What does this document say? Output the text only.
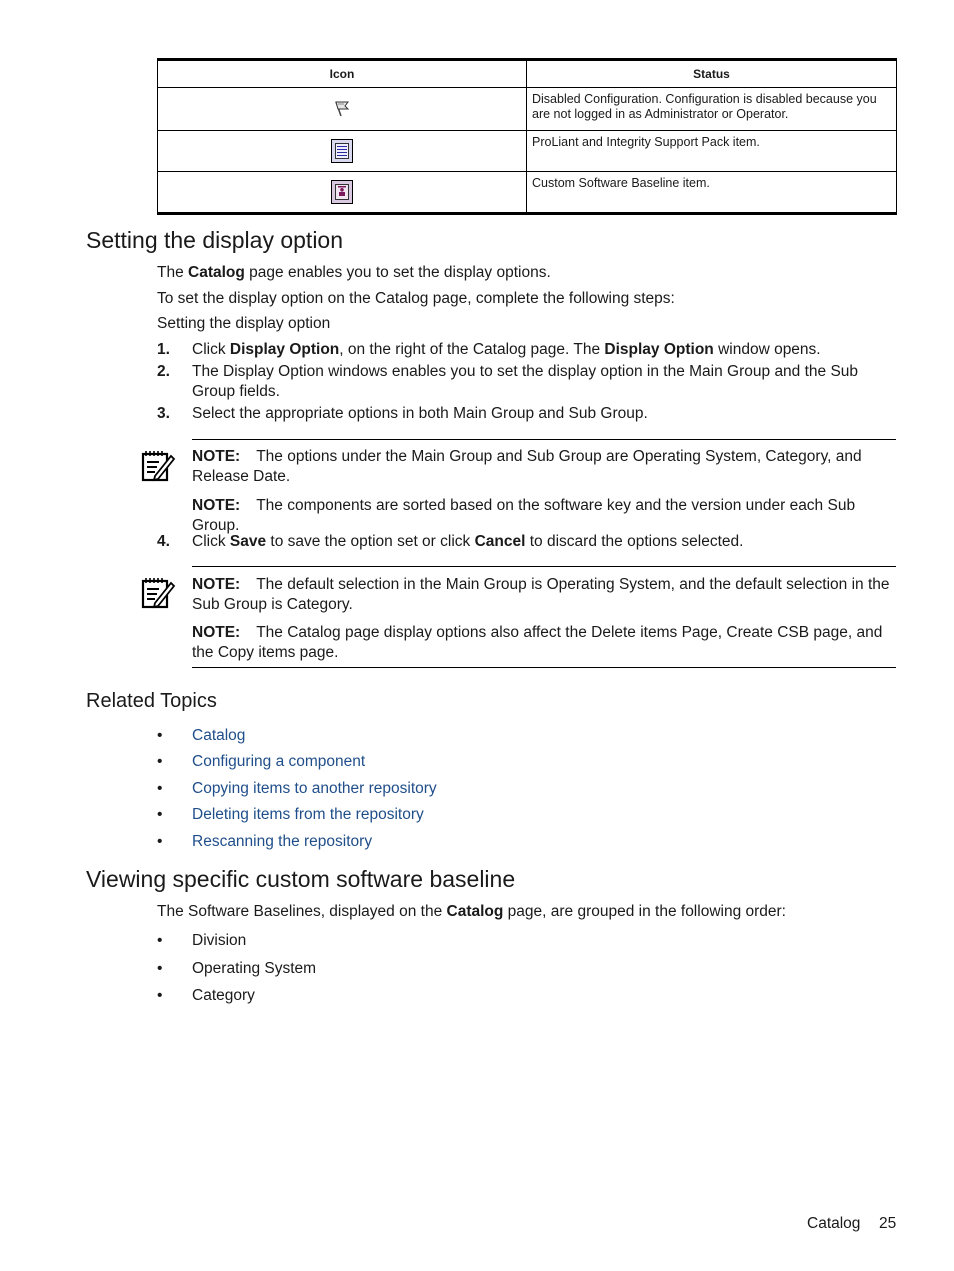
Icon	Status
	Disabled Configuration. Configuration is disabled because you are not logged in as Administrator or Operator.

	ProLiant and Integrity Support Pack item.

	Custom Software Baseline item.
Setting the display option
The Catalog page enables you to set the display options.
To set the display option on the Catalog page, complete the following steps:
Setting the display option
1. Click Display Option, on the right of the Catalog page. The Display Option window opens.
2. The Display Option windows enables you to set the display option in the Main Group and the Sub Group fields.
3. Select the appropriate options in both Main Group and Sub Group.
NOTE: The options under the Main Group and Sub Group are Operating System, Category, and Release Date.
NOTE: The components are sorted based on the software key and the version under each Sub Group.
4. Click Save to save the option set or click Cancel to discard the options selected.
NOTE: The default selection in the Main Group is Operating System, and the default selection in the Sub Group is Category.
NOTE: The Catalog page display options also affect the Delete items Page, Create CSB page, and the Copy items page.
Related Topics
• Catalog
• Configuring a component
• Copying items to another repository
• Deleting items from the repository
• Rescanning the repository
Viewing specific custom software baseline
The Software Baselines, displayed on the Catalog page, are grouped in the following order:
• Division
• Operating System
• Category
Catalog 25
